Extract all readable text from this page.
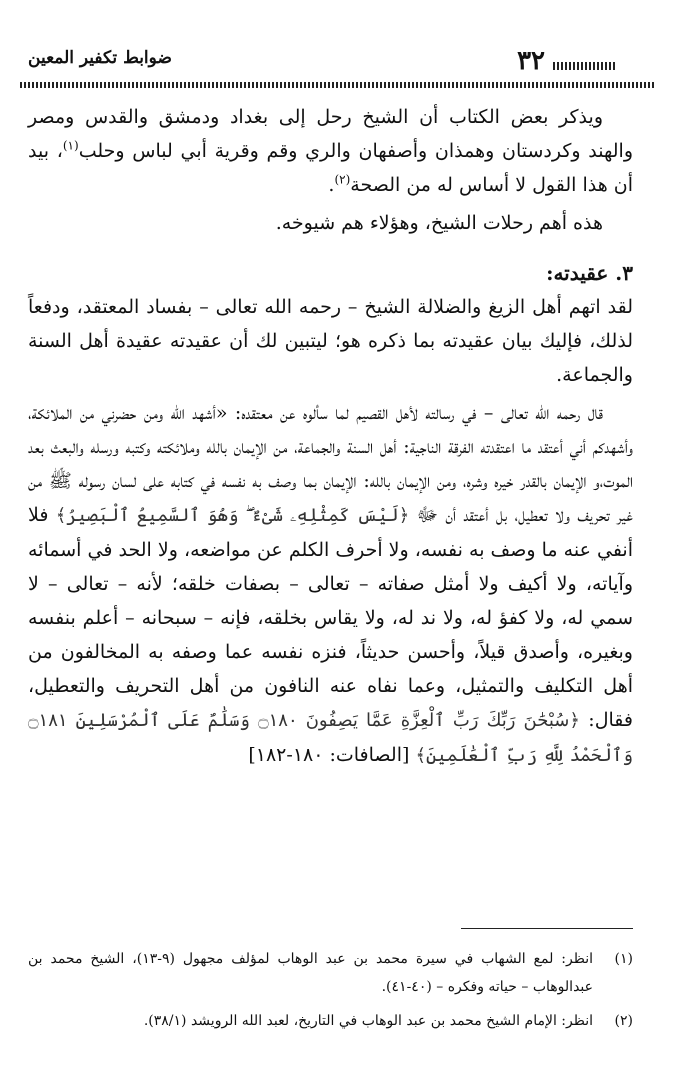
٣٢
ضوابط تكفير المعين

ويذكر بعض الكتاب أن الشيخ رحل إلى بغداد ودمشق والقدس ومصر والهند وكردستان وهمذان وأصفهان والري وقم وقرية أبي لباس وحلب$^{(١)}$، بيد أن هذا القول لا أساس له من الصحة$^{(٢)}$.

هذه أهم رحلات الشيخ، وهؤلاء هم شيوخه.

٣. عقيدته:

لقد اتهم أهل الزيغ والضلالة الشيخ – رحمه الله تعالى – بفساد المعتقد، ودفعاً لذلك، فإليك بيان عقيدته بما ذكره هو؛ ليتبين لك أن عقيدته عقيدة أهل السنة والجماعة.

قال رحمه الله تعالى – في رسالته لأهل القصيم لما سألوه عن معتقده: «أشهد الله ومن حضرني من الملائكة، وأشهدكم أني أعتقد ما اعتقدته الفرقة الناجية: أهل السنة والجماعة، من الإيمان بالله وملائكته وكتبه ورسله والبعث بعد الموت،و الإيمان بالقدر خيره وشره، ومن الإيمان بالله: الإيمان بما وصف به نفسه في كتابه على لسان رسوله ﷺ من غير تحريف ولا تعطيل، بل أعتقد أن ﷻ ﴿لَيْسَ كَمِثْلِهِۦ شَىْءٌ ۖ وَهُوَ ٱلسَّمِيعُ ٱلْبَصِيرُ﴾ فلا أنفي عنه ما وصف به نفسه، ولا أحرف الكلم عن مواضعه، ولا الحد في أسمائه وآياته، ولا أكيف ولا أمثل صفاته – تعالى – بصفات خلقه؛ لأنه – تعالى – لا سمي له، ولا كفؤ له، ولا ند له، ولا يقاس بخلقه، فإنه – سبحانه – أعلم بنفسه وبغيره، وأصدق قيلاً، وأحسن حديثاً، فنزه نفسه عما وصفه به المخالفون من أهل التكليف والتمثيل، وعما نفاه عنه النافون من أهل التحريف والتعطيل، فقال: ﴿سُبْحَٰنَ رَبِّكَ رَبِّ ٱلْعِزَّةِ عَمَّا يَصِفُونَ ۝١٨٠ وَسَلَٰمٌ عَلَى ٱلْمُرْسَلِينَ ۝١٨١ وَٱلْحَمْدُ لِلَّهِ رَبِّ ٱلْعَٰلَمِينَ﴾ [الصافات: ١٨٠-١٨٢]

(١)
انظر: لمع الشهاب في سيرة محمد بن عبد الوهاب لمؤلف مجهول (٩-١٣)، الشيخ محمد بن عبدالوهاب – حياته وفكره – (٤٠-٤١).
(٢)
انظر: الإمام الشيخ محمد بن عبد الوهاب في التاريخ، لعبد الله الرويشد (٣٨/١).
